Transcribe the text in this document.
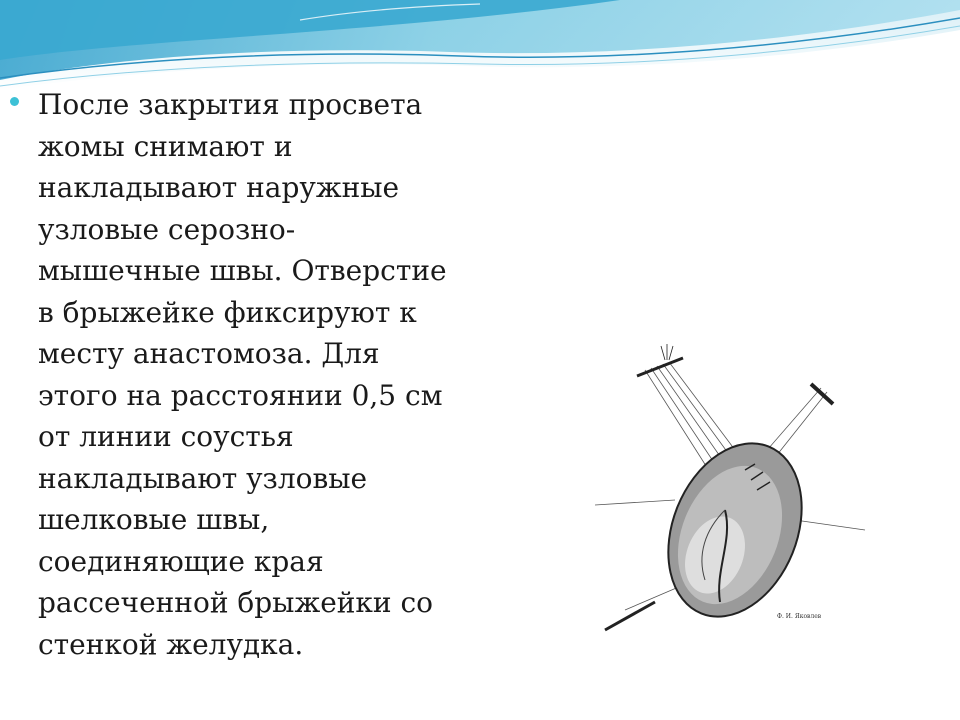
После закрытия просвета
жомы снимают и
накладывают наружные
узловые серозно-
мышечные швы. Отверстие
в брыжейке фиксируют к
месту анастомоза. Для
этого на расстоянии 0,5 см
от линии соустья
накладывают узловые
шелковые швы,
соединяющие края
рассеченной брыжейки со
стенкой желудка.

Ф. И. Яковлев
